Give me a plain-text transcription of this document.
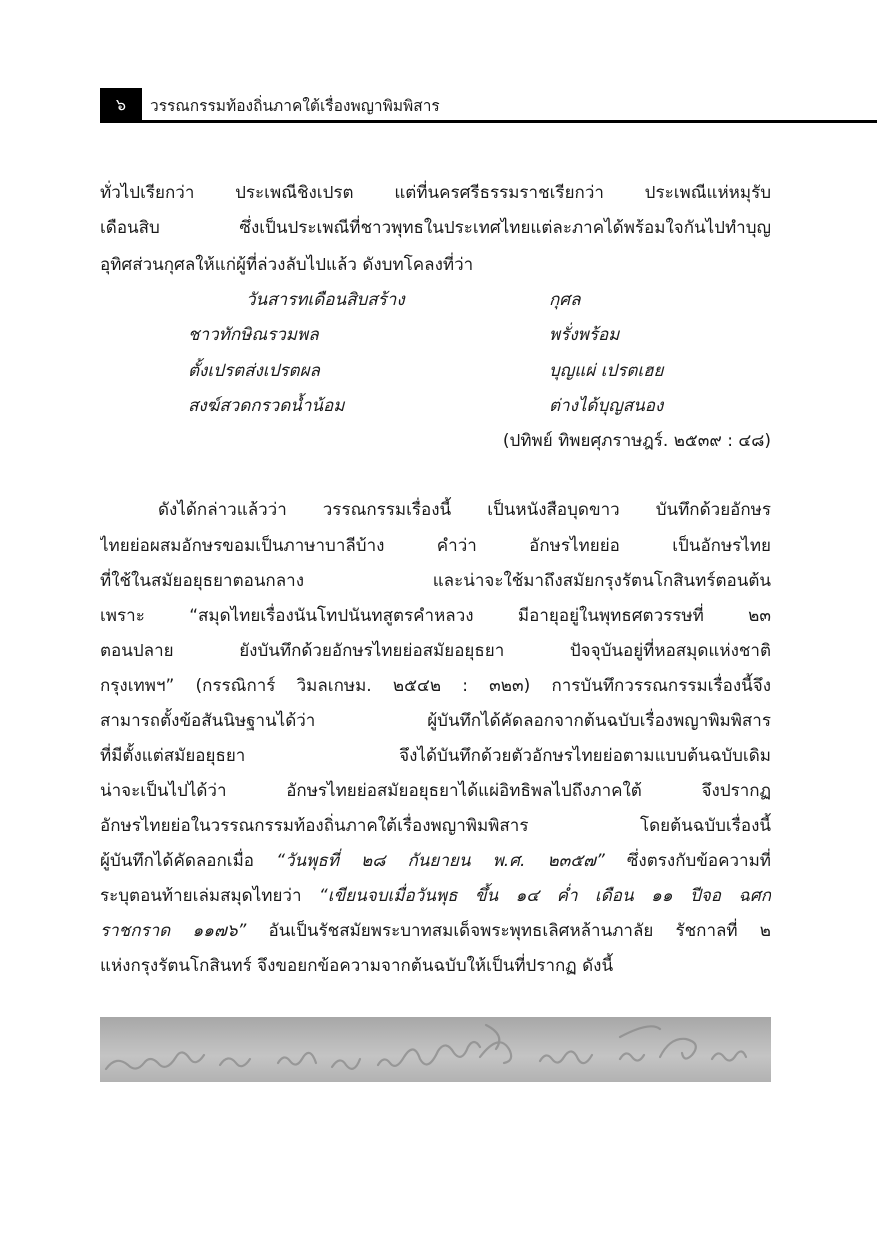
๖	วรรณกรรมท้องถิ่นภาคใต้เรื่องพญาพิมพิสาร
ทั่วไปเรียกว่า ประเพณีชิงเปรต แต่ที่นครศรีธรรมราชเรียกว่า ประเพณีแห่หมุรับ
เดือนสิบ ซึ่งเป็นประเพณีที่ชาวพุทธในประเทศไทยแต่ละภาคได้พร้อมใจกันไปทำบุญ
อุทิศส่วนกุศลให้แก่ผู้ที่ล่วงลับไปแล้ว ดังบทโคลงที่ว่า
วันสารทเดือนสิบสร้าง	กุศล
ชาวทักษิณรวมพล	พรั่งพร้อม
ตั้งเปรตส่งเปรตผล	บุญแผ่ เปรตเฮย
สงฆ์สวดกรวดน้ำน้อม	ต่างได้บุญสนอง
(ปทิพย์ ทิพยศุภราษฎร์. ๒๕๓๙ : ๔๘)
ดังได้กล่าวแล้วว่า วรรณกรรมเรื่องนี้ เป็นหนังสือบุดขาว บันทึกด้วยอักษร
ไทยย่อผสมอักษรขอมเป็นภาษาบาลีบ้าง คำว่า อักษรไทยย่อ เป็นอักษรไทย
ที่ใช้ในสมัยอยุธยาตอนกลาง และน่าจะใช้มาถึงสมัยกรุงรัตนโกสินทร์ตอนต้น
เพราะ “สมุดไทยเรื่องนันโทปนันทสูตรคำหลวง มีอายุอยู่ในพุทธศตวรรษที่ ๒๓
ตอนปลาย ยังบันทึกด้วยอักษรไทยย่อสมัยอยุธยา ปัจจุบันอยู่ที่หอสมุดแห่งชาติ
กรุงเทพฯ” (กรรณิการ์ วิมลเกษม. ๒๕๔๒ : ๓๒๓) การบันทึกวรรณกรรมเรื่องนี้จึง
สามารถตั้งข้อสันนิษฐานได้ว่า ผู้บันทึกได้คัดลอกจากต้นฉบับเรื่องพญาพิมพิสาร
ที่มีตั้งแต่สมัยอยุธยา จึงได้บันทึกด้วยตัวอักษรไทยย่อตามแบบต้นฉบับเดิม
น่าจะเป็นไปได้ว่า อักษรไทยย่อสมัยอยุธยาได้แผ่อิทธิพลไปถึงภาคใต้ จึงปรากฏ
อักษรไทยย่อในวรรณกรรมท้องถิ่นภาคใต้เรื่องพญาพิมพิสาร โดยต้นฉบับเรื่องนี้
ผู้บันทึกได้คัดลอกเมื่อ “วันพุธที่ ๒๘ กันยายน พ.ศ. ๒๓๕๗” ซึ่งตรงกับข้อความที่
ระบุตอนท้ายเล่มสมุดไทยว่า “เขียนจบเมื่อวันพุธ ขึ้น ๑๔ ค่ำ เดือน ๑๑ ปีจอ ฉศก
ราชกราด ๑๑๗๖” อันเป็นรัชสมัยพระบาทสมเด็จพระพุทธเลิศหล้านภาลัย รัชกาลที่ ๒
แห่งกรุงรัตนโกสินทร์ จึงขอยกข้อความจากต้นฉบับให้เป็นที่ปรากฏ ดังนี้
